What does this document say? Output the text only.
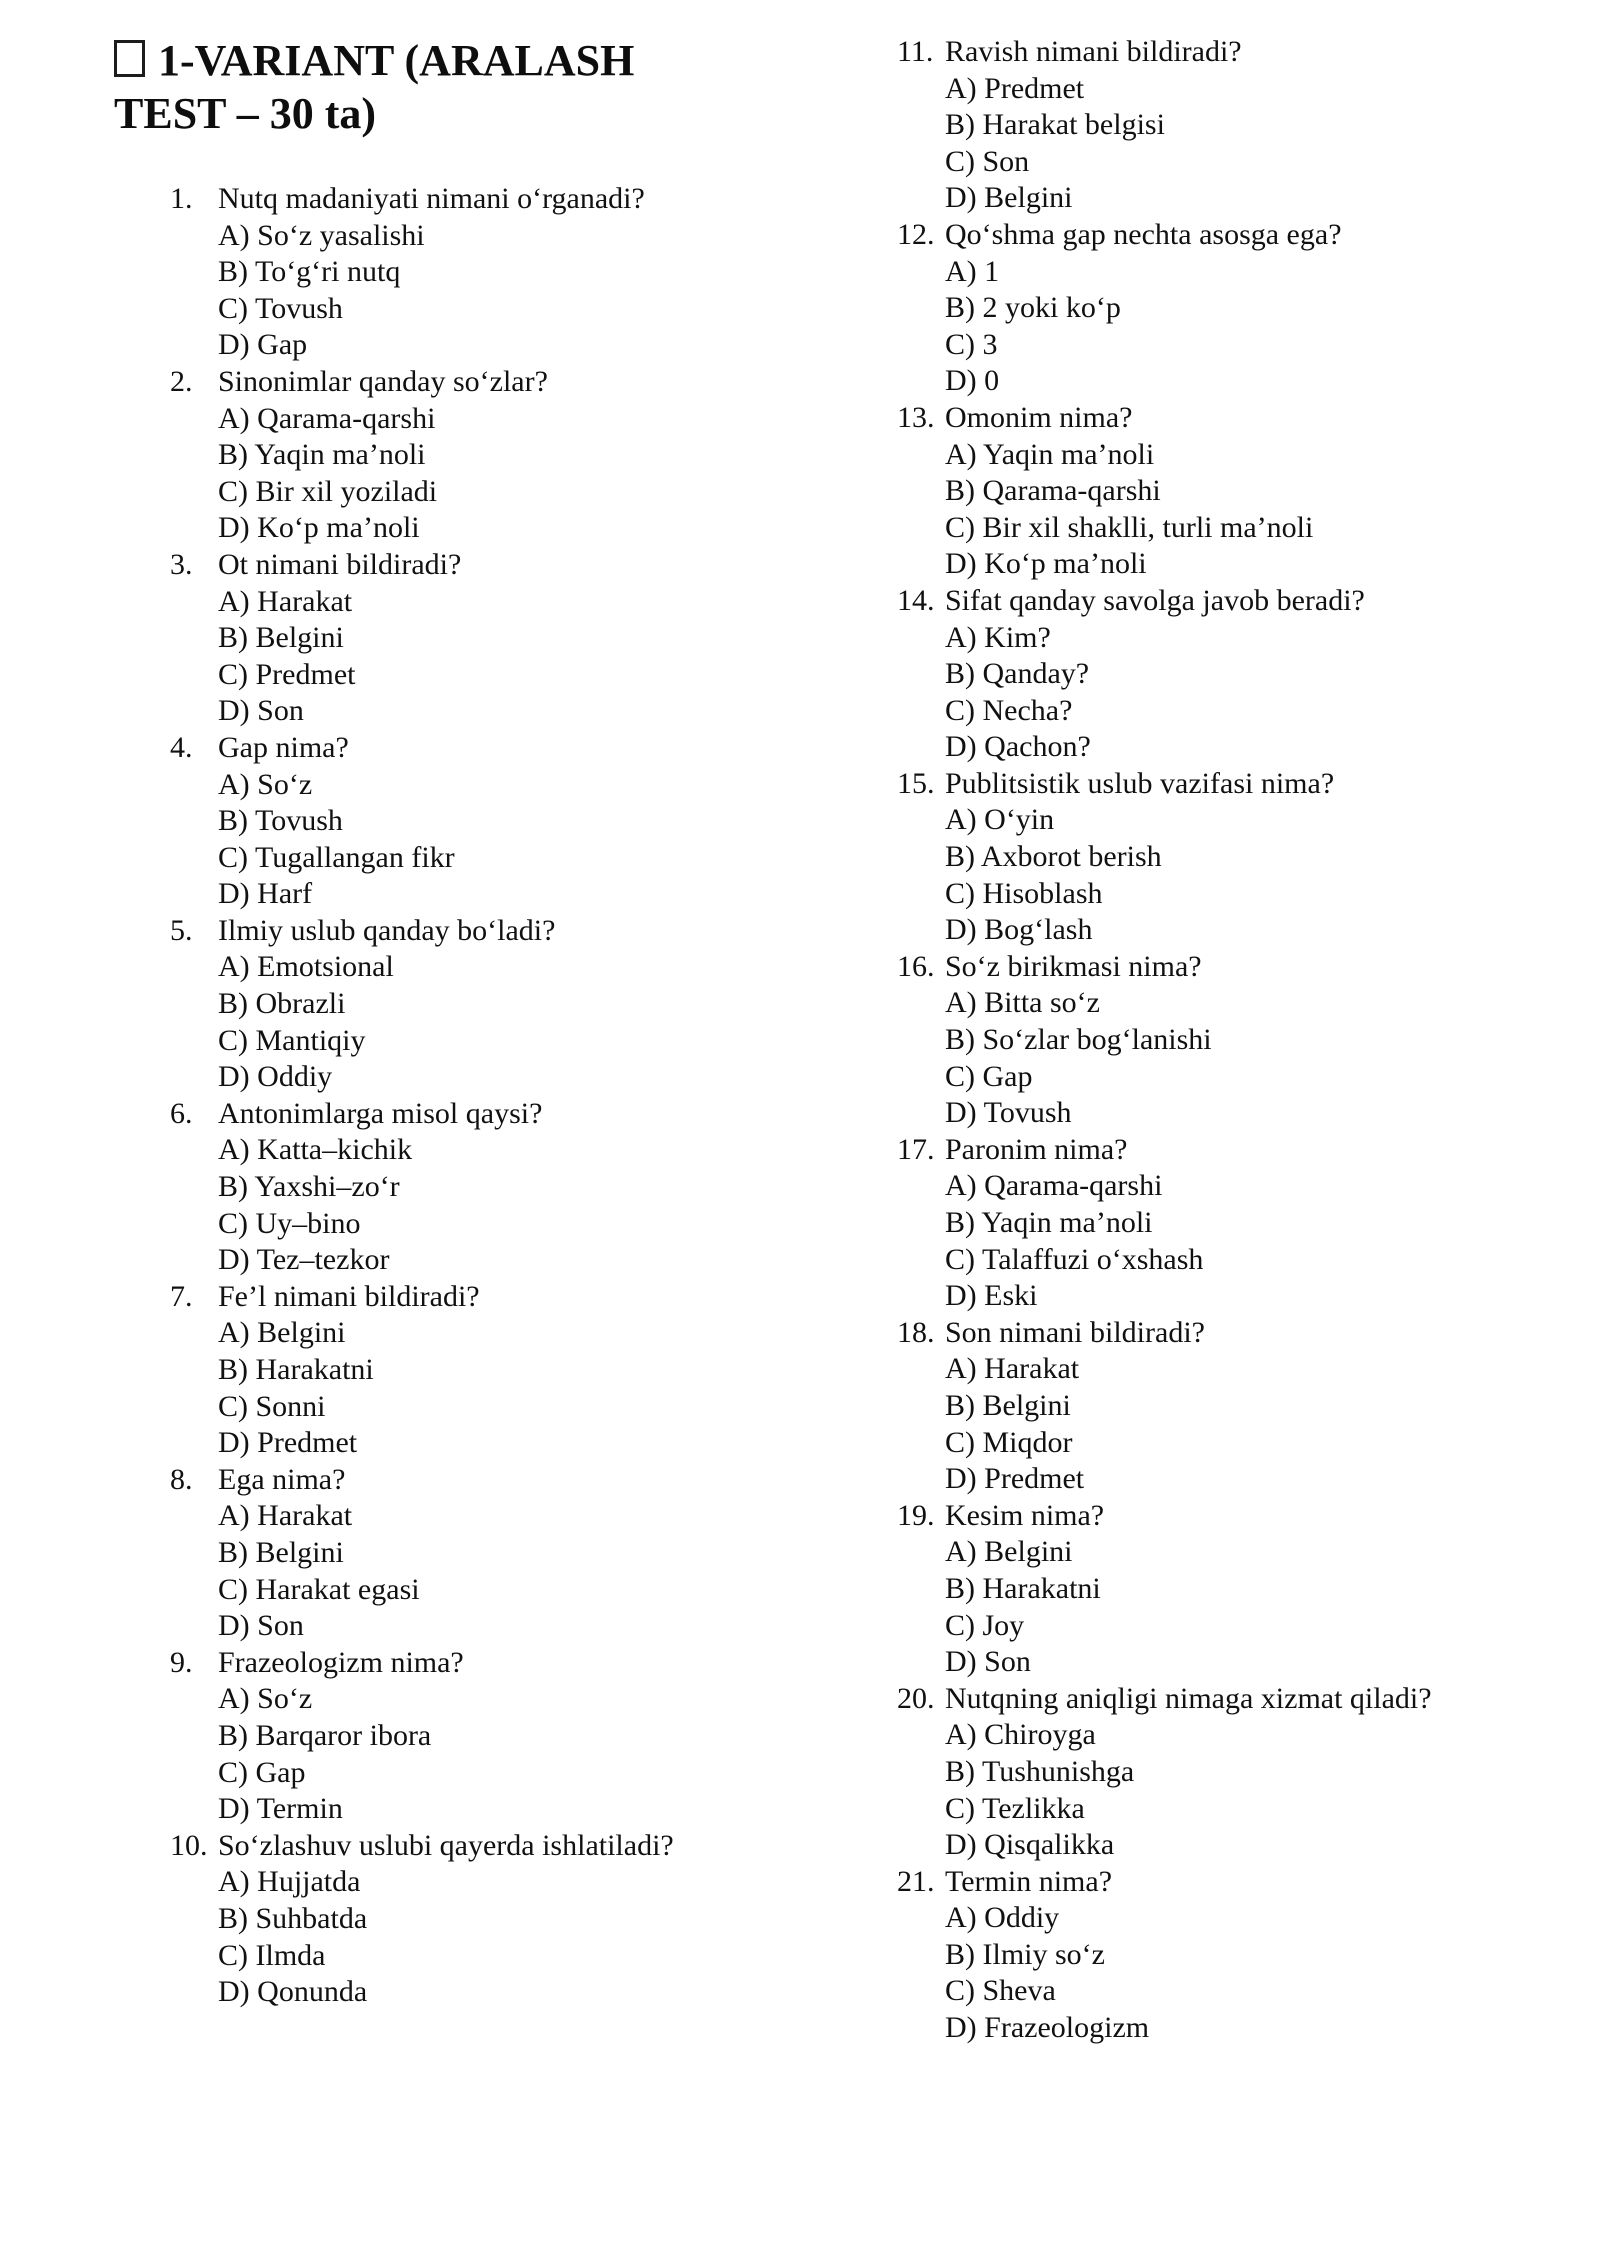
1-VARIANT (ARALASH TEST – 30 ta)
1. Nutq madaniyati nimani o‘rganadi?
A) So‘z yasalishi
B) To‘g‘ri nutq
C) Tovush
D) Gap
2. Sinonimlar qanday so‘zlar?
A) Qarama-qarshi
B) Yaqin ma’noli
C) Bir xil yoziladi
D) Ko‘p ma’noli
3. Ot nimani bildiradi?
A) Harakat
B) Belgini
C) Predmet
D) Son
4. Gap nima?
A) So‘z
B) Tovush
C) Tugallangan fikr
D) Harf
5. Ilmiy uslub qanday bo‘ladi?
A) Emotsional
B) Obrazli
C) Mantiqiy
D) Oddiy
6. Antonimlarga misol qaysi?
A) Katta–kichik
B) Yaxshi–zo‘r
C) Uy–bino
D) Tez–tezkor
7. Fe’l nimani bildiradi?
A) Belgini
B) Harakatni
C) Sonni
D) Predmet
8. Ega nima?
A) Harakat
B) Belgini
C) Harakat egasi
D) Son
9. Frazeologizm nima?
A) So‘z
B) Barqaror ibora
C) Gap
D) Termin
10. So‘zlashuv uslubi qayerda ishlatiladi?
A) Hujjatda
B) Suhbatda
C) Ilmda
D) Qonunda
11. Ravish nimani bildiradi?
A) Predmet
B) Harakat belgisi
C) Son
D) Belgini
12. Qo‘shma gap nechta asosga ega?
A) 1
B) 2 yoki ko‘p
C) 3
D) 0
13. Omonim nima?
A) Yaqin ma’noli
B) Qarama-qarshi
C) Bir xil shaklli, turli ma’noli
D) Ko‘p ma’noli
14. Sifat qanday savolga javob beradi?
A) Kim?
B) Qanday?
C) Necha?
D) Qachon?
15. Publitsistik uslub vazifasi nima?
A) O‘yin
B) Axborot berish
C) Hisoblash
D) Bog‘lash
16. So‘z birikmasi nima?
A) Bitta so‘z
B) So‘zlar bog‘lanishi
C) Gap
D) Tovush
17. Paronim nima?
A) Qarama-qarshi
B) Yaqin ma’noli
C) Talaffuzi o‘xshash
D) Eski
18. Son nimani bildiradi?
A) Harakat
B) Belgini
C) Miqdor
D) Predmet
19. Kesim nima?
A) Belgini
B) Harakatni
C) Joy
D) Son
20. Nutqning aniqligi nimaga xizmat qiladi?
A) Chiroyga
B) Tushunishga
C) Tezlikka
D) Qisqalikka
21. Termin nima?
A) Oddiy
B) Ilmiy so‘z
C) Sheva
D) Frazeologizm
